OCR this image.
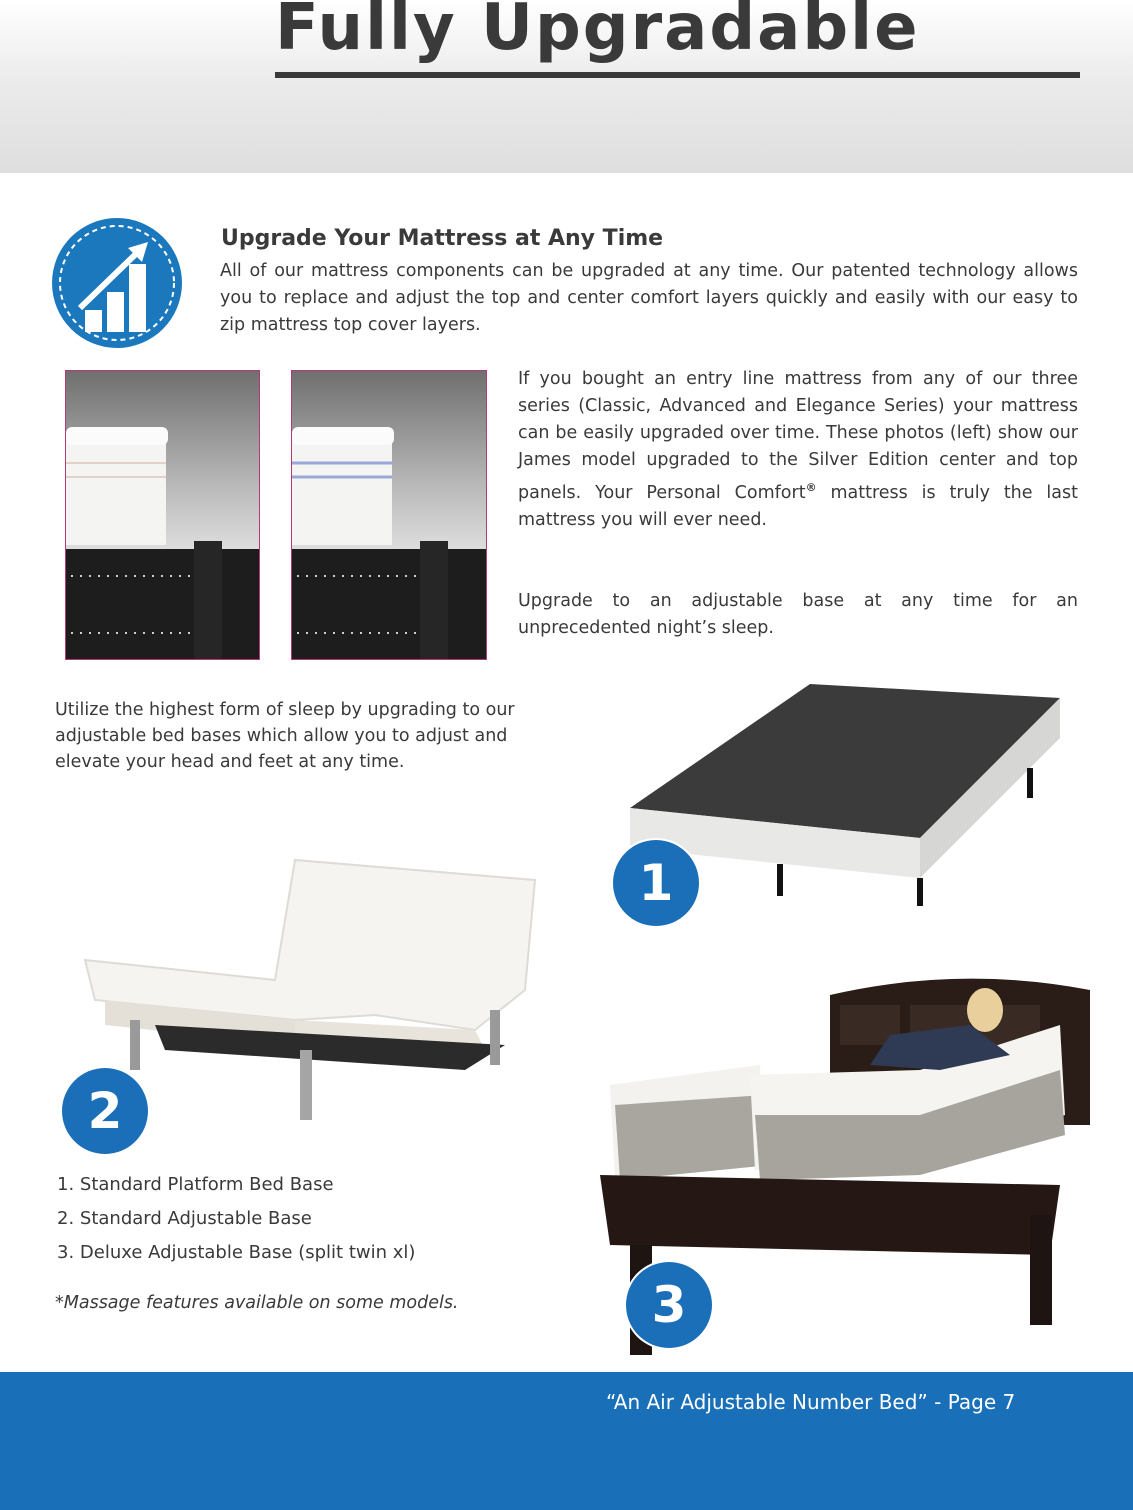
Fully Upgradable
Upgrade Your Mattress at Any Time
All of our mattress components can be upgraded at any time. Our patented technology allows you to replace and adjust the top and center comfort layers quickly and easily with our easy to zip mattress top cover layers.
If you bought an entry line mattress from any of our three series (Classic, Advanced and Elegance Series) your mattress can be easily upgraded over time. These photos (left) show our James model upgraded to the Silver Edition center and top panels. Your Personal Comfort® mattress is truly the last mattress you will ever need.
Upgrade to an adjustable base at any time for an unprecedented night’s sleep.
Utilize the highest form of sleep by upgrading to our adjustable bed bases which allow you to adjust and elevate your head and feet at any time.
1
2
3
1. Standard Platform Bed Base
2. Standard Adjustable Base
3. Deluxe Adjustable Base (split twin xl)
*Massage features available on some models.
“An Air Adjustable Number Bed” - Page 7
